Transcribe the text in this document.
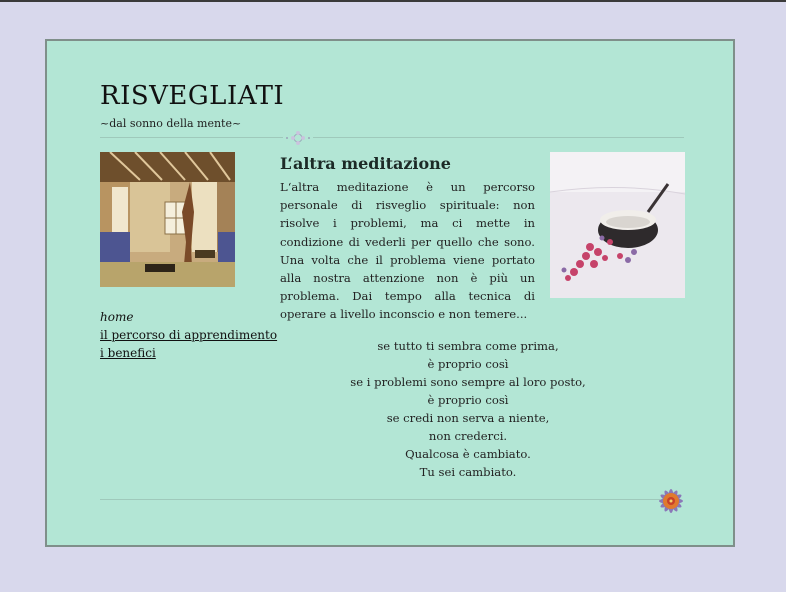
RISVEGLIATI
~dal sonno della mente~
L‘altra meditazione
L‘altra meditazione è un percorso personale di risveglio spirituale: non risolve i problemi, ma ci mette in condizione di vederli per quello che sono. Una volta che il problema viene portato alla nostra attenzione non è più un problema. Dai tempo alla tecnica di operare a livello inconscio e non temere...
home
il percorso di apprendimento
i benefici	se tutto ti sembra come prima,
è proprio così
se i problemi sono sempre al loro posto,
è proprio così
se credi non serva a niente,
non crederci.
Qualcosa è cambiato.
Tu sei cambiato.
